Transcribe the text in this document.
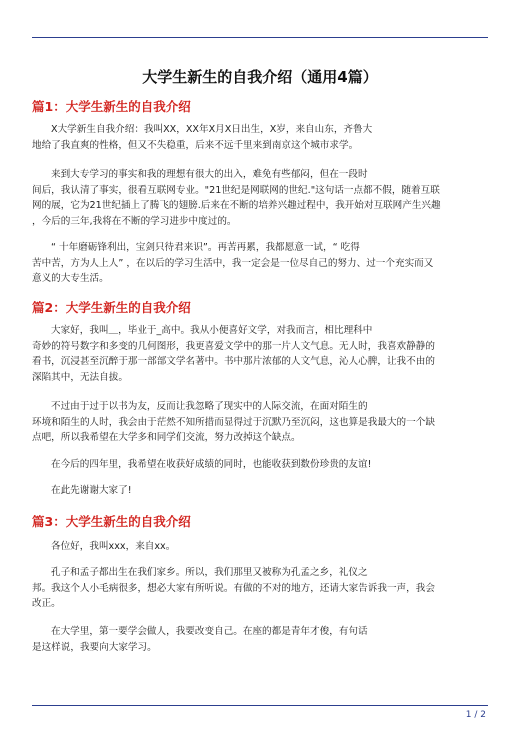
大学生新生的自我介绍（通用4篇）
篇1：大学生新生的自我介绍
X大学新生自我介绍：我叫XX，XX年X月X日出生，X岁，来自山东，齐鲁大
地给了我直爽的性格，但又不失稳重，后来不远千里来到南京这个城市求学。
来到大专学习的事实和我的理想有很大的出入，难免有些郁闷，但在一段时
间后，我认清了事实，很看互联网专业。"21世纪是网联网的世纪."这句话一点都不假，随着互联
网的展，它为21世纪插上了腾飞的翅膀.后来在不断的培养兴趣过程中，我开始对互联网产生兴趣
，今后的三年,我将在不断的学习进步中度过的。
“ 十年磨砺锋利出，宝剑只待君来识”。再苦再累，我都愿意一试，“ 吃得
苦中苦，方为人上人” ，在以后的学习生活中，我一定会是一位尽自己的努力、过一个充实而又
意义的大专生活。
篇2：大学生新生的自我介绍
大家好，我叫＿，毕业于_高中。我从小便喜好文学，对我而言，相比理科中
奇妙的符号数字和多变的几何图形，我更喜爱文学中的那一片人文气息。无人时，我喜欢静静的
看书，沉浸甚至沉醉于那一部部文学名著中。书中那片浓郁的人文气息，沁人心脾，让我不由的
深陷其中，无法自拔。
不过由于过于以书为友，反而让我忽略了现实中的人际交流，在面对陌生的
环境和陌生的人时，我会由于茫然不知所措而显得过于沉默乃至沉闷，这也算是我最大的一个缺
点吧，所以我希望在大学多和同学们交流，努力改掉这个缺点。
在今后的四年里，我希望在收获好成绩的同时，也能收获到数份珍贵的友谊!
在此先谢谢大家了!
篇3：大学生新生的自我介绍
各位好，我叫xxx，来自xx。
孔子和孟子都出生在我们家乡。所以，我们那里又被称为孔孟之乡，礼仪之
邦。我这个人小毛病很多，想必大家有所听说。有做的不对的地方，还请大家告诉我一声，我会
改正。
在大学里，第一要学会做人，我要改变自己。在座的都是青年才俊，有句话
是这样说，我要向大家学习。
1 / 2
